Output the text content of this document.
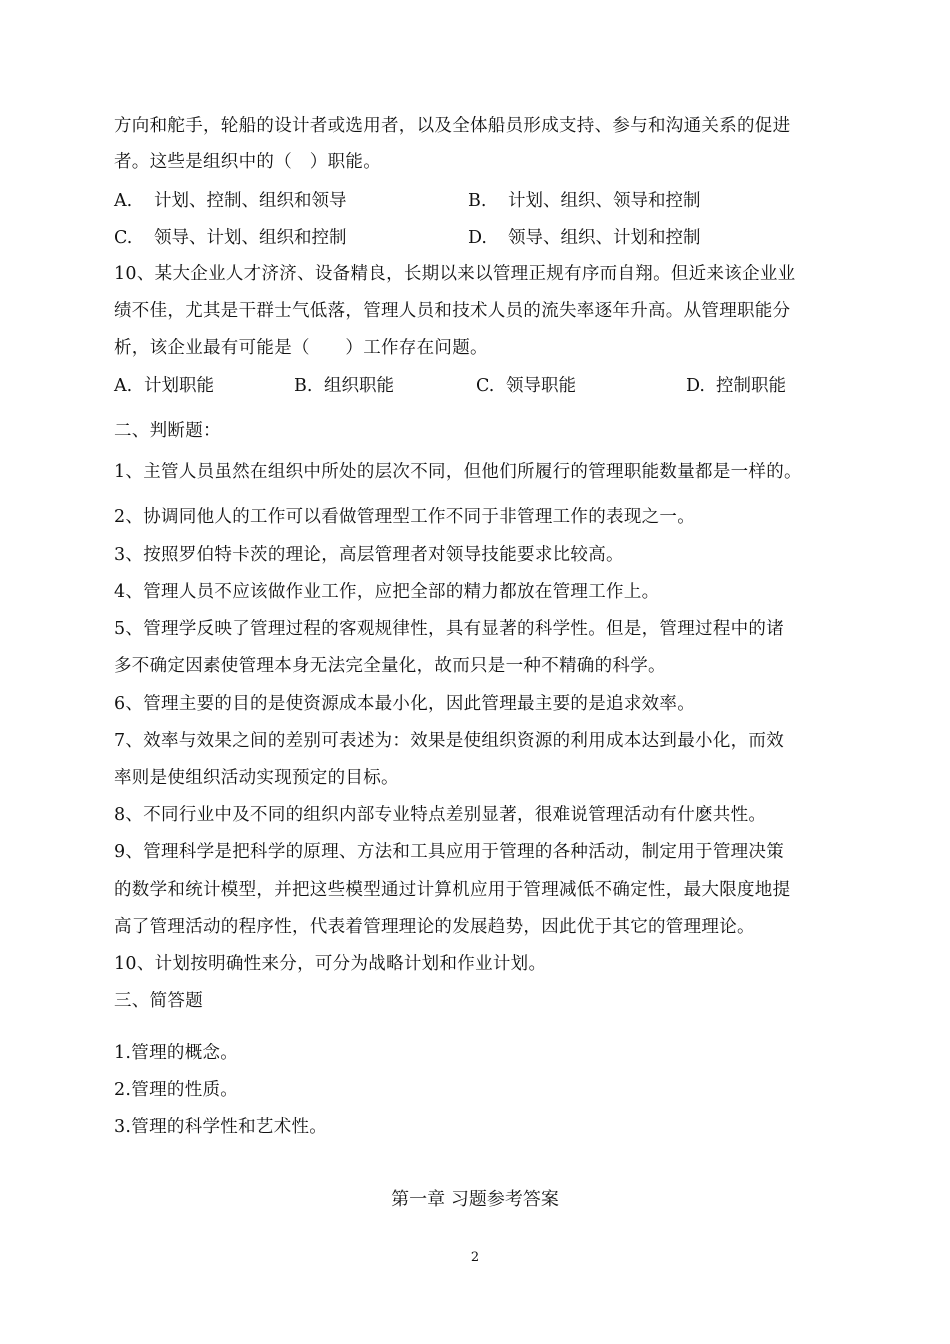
方向和舵手，轮船的设计者或选用者，以及全体船员形成支持、参与和沟通关系的促进
者。这些是组织中的（　）职能。
A. 计划、控制、组织和领导	B. 计划、组织、领导和控制
C. 领导、计划、组织和控制	D. 领导、组织、计划和控制
10、某大企业人才济济、设备精良，长期以来以管理正规有序而自翔。但近来该企业业
绩不佳，尤其是干群士气低落，管理人员和技术人员的流失率逐年升高。从管理职能分
析，该企业最有可能是（　　）工作存在问题。
A. 计划职能	B. 组织职能	C. 领导职能	D. 控制职能
二、判断题：
1、主管人员虽然在组织中所处的层次不同，但他们所履行的管理职能数量都是一样的。
2、协调同他人的工作可以看做管理型工作不同于非管理工作的表现之一。
3、按照罗伯特卡茨的理论，高层管理者对领导技能要求比较高。
4、管理人员不应该做作业工作，应把全部的精力都放在管理工作上。
5、管理学反映了管理过程的客观规律性，具有显著的科学性。但是，管理过程中的诸
多不确定因素使管理本身无法完全量化，故而只是一种不精确的科学。
6、管理主要的目的是使资源成本最小化，因此管理最主要的是追求效率。
7、效率与效果之间的差别可表述为：效果是使组织资源的利用成本达到最小化，而效
率则是使组织活动实现预定的目标。
8、不同行业中及不同的组织内部专业特点差别显著，很难说管理活动有什麽共性。
9、管理科学是把科学的原理、方法和工具应用于管理的各种活动，制定用于管理决策
的数学和统计模型，并把这些模型通过计算机应用于管理减低不确定性，最大限度地提
高了管理活动的程序性，代表着管理理论的发展趋势，因此优于其它的管理理论。
10、计划按明确性来分，可分为战略计划和作业计划。
三、简答题
1.管理的概念。
2.管理的性质。
3.管理的科学性和艺术性。
第一章 习题参考答案
2
